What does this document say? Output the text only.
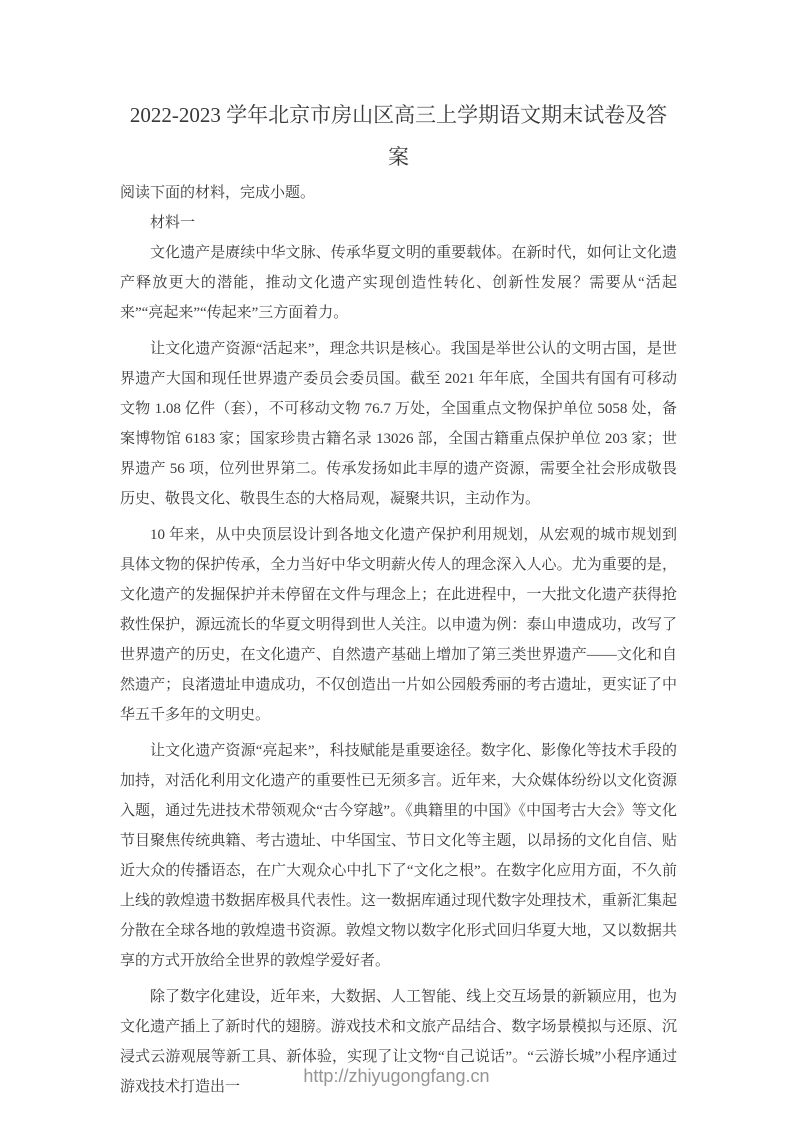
2022-2023 学年北京市房山区高三上学期语文期末试卷及答
案

阅读下面的材料，完成小题。

材料一

文化遗产是赓续中华文脉、传承华夏文明的重要载体。在新时代，如何让文化遗产释放更大的潜能，推动文化遗产实现创造性转化、创新性发展？需要从“活起来”“亮起来”“传起来”三方面着力。

让文化遗产资源“活起来”，理念共识是核心。我国是举世公认的文明古国，是世界遗产大国和现任世界遗产委员会委员国。截至 2021 年年底，全国共有国有可移动文物 1.08 亿件（套），不可移动文物 76.7 万处，全国重点文物保护单位 5058 处，备案博物馆 6183 家；国家珍贵古籍名录 13026 部，全国古籍重点保护单位 203 家；世界遗产 56 项，位列世界第二。传承发扬如此丰厚的遗产资源，需要全社会形成敬畏历史、敬畏文化、敬畏生态的大格局观，凝聚共识，主动作为。

10 年来，从中央顶层设计到各地文化遗产保护利用规划，从宏观的城市规划到具体文物的保护传承，全力当好中华文明薪火传人的理念深入人心。尤为重要的是，文化遗产的发掘保护并未停留在文件与理念上；在此进程中，一大批文化遗产获得抢救性保护，源远流长的华夏文明得到世人关注。以申遗为例：泰山申遗成功，改写了世界遗产的历史，在文化遗产、自然遗产基础上增加了第三类世界遗产——文化和自然遗产；良渚遗址申遗成功，不仅创造出一片如公园般秀丽的考古遗址，更实证了中华五千多年的文明史。

让文化遗产资源“亮起来”，科技赋能是重要途径。数字化、影像化等技术手段的加持，对活化利用文化遗产的重要性已无须多言。近年来，大众媒体纷纷以文化资源入题，通过先进技术带领观众“古今穿越”。《典籍里的中国》《中国考古大会》等文化节目聚焦传统典籍、考古遗址、中华国宝、节日文化等主题，以昂扬的文化自信、贴近大众的传播语态，在广大观众心中扎下了“文化之根”。在数字化应用方面，不久前上线的敦煌遗书数据库极具代表性。这一数据库通过现代数字处理技术，重新汇集起分散在全球各地的敦煌遗书资源。敦煌文物以数字化形式回归华夏大地，又以数据共享的方式开放给全世界的敦煌学爱好者。

除了数字化建设，近年来，大数据、人工智能、线上交互场景的新颖应用，也为文化遗产插上了新时代的翅膀。游戏技术和文旅产品结合、数字场景模拟与还原、沉浸式云游观展等新工具、新体验，实现了让文物“自己说话”。“云游长城”小程序通过游戏技术打造出一

http://zhiyugongfang.cn
